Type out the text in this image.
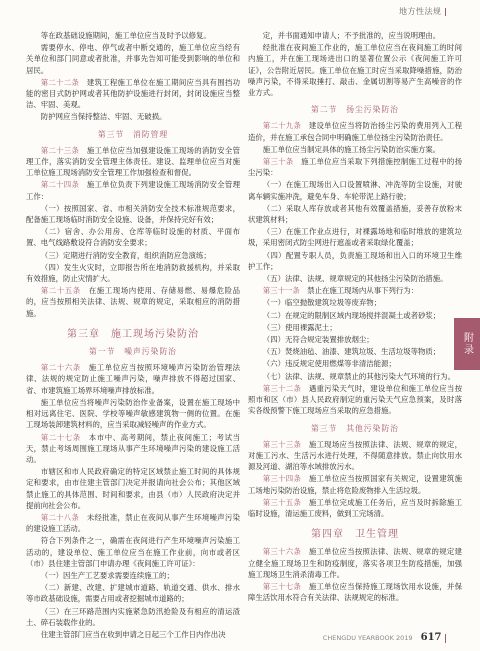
地方性法规

等在政基础设施期间，施工单位应当及时予以修复。

需要停水、停电、停气或者中断交通的，施工单位应当经有关单位和部门同意或者批准，并事先告知可能受到影响的单位和居民。

第二十二条　 建筑工程施工单位在施工期间应当具有围挡功能的密目式防护网或者其他防护设施进行封闭，封闭设施应当整洁、牢固、美观。

防护网应当保持整洁、牢固、无破损。

第三节　消防管理

第二十三条　 施工单位应当加强建设施工现场的消防安全管理工作，落实消防安全管理主体责任。建设、监理单位应当对施工单位施工现场消防安全管理工作加强检查和督促。

第二十四条　 施工单位负责下列建设施工现场消防安全管理工作：

（一）按照国家、省、市相关消防安全技术标准规范要求，配备施工现场临时消防安全设施、设备，并保持完好有效；

（二）宿舍、办公用房、仓库等临时设施的材质、平面布置、电气线路敷设符合消防安全要求；

（三）定期进行消防安全教育，组织消防应急演练；

（四）发生火灾时，立即报告所在地消防救援机构，并采取有效措施，防止灾情扩大。

第二十五条　 在施工现场内使用、存储易燃、易爆危险品的，应当按照相关法律、法规、规章的规定，采取相应的消防措施。

第三章　施工现场污染防治
第一节　噪声污染防治

第二十六条　 施工单位应当按照环境噪声污染防治管理法律、法规的规定防止施工噪声污染，噪声排放不得超过国家、省、市建筑施工场界环境噪声排放标准。

施工单位应当将噪声污染防治作业备案，设置在施工现场中相对远离住宅、医院、学校等噪声敏感建筑物一侧的位置。在施工现场装卸建筑材料的，应当采取减轻噪声的作业方式。

第二十七条　 本市中、高考期间，禁止夜间施工；考试当天，禁止考场周围施工现场从事产生环境噪声污染的建设施工活动。

市辖区和市人民政府确定的特定区域禁止施工时间的具体规定和要求，由市住建主管部门决定并报请向社会公布；其他区域禁止施工的具体范围、时间和要求，由县（市）人民政府决定并提前向社会公布。

第二十八条　 未经批准，禁止在夜间从事产生环境噪声污染的建设施工活动。

符合下列条件之一，确需在夜间进行产生环境噪声污染施工活动的，建设单位、施工单位应当在施工作业前，向市或者区（市）县住建主管部门申请办理《夜间施工许可证》：

（一）因生产工艺要求需要连续施工的；

（二）新建、改建、扩建城市道路、轨道交通、供水、排水等市政基础设施，需要占用或者挖掘城市道路的；

（三）在三环路范围内实施紧急防汛抢险及有相应的清运渣土、碎石装载作业的。

住建主管部门应当在收到申请之日起三个工作日内作出决

定，并书面通知申请人；不予批准的，应当说明理由。

经批准在夜间施工作业的，施工单位应当在夜间施工的时间内施工，并在施工现场进出口的显著位置公示《夜间施工许可证》，公告附近居民。施工单位在施工时应当采取降噪措施，防治噪声污染，不得采取捶打、敲击、金属切割等易产生高噪音的作业方式。

第二节　扬尘污染防治

第二十九条　 建设单位应当将防治扬尘污染的费用列入工程造价，并在施工承包合同中明确施工单位扬尘污染防治责任。

施工单位应当制定具体的施工扬尘污染防治实施方案。

第三十条　 施工单位应当采取下列措施控制施工过程中的扬尘污染：

（一）在施工现场出入口设置喷淋、冲洗等防尘设施，对驶离车辆实施冲洗，避免车身、车轮带泥上路行驶；

（二）采取人库存放或者其他有效覆盖措施，妥善存放粉末状建筑材料；

（三）在施工作业点进行，对裸露场地和临时堆放的建筑垃圾，采用密闭式防尘网进行遮盖或者采取绿化覆盖；

（四）配置专职人员，负责施工现场和出入口的环境卫生维护工作；

（五）法律、法规、规章规定的其他扬尘污染防治措施。

第三十一条　 禁止在施工现场内从事下列行为：

（一）临空抛散建筑垃圾等废弃物；

（二）在规定的限制区域内现场搅拌混凝土或者砂浆；

（三）使用裸露泥土；

（四）无符合规定装置排放烟尘；

（五）焚烧油毡、油漆、建筑垃圾、生活垃圾等物质；

（六）违反规定使用燃煤等非清洁能源；

（七）法律、法规、规章禁止的其他污染大气环境的行为。

第三十二条　 遇重污染天气时，建设单位和施工单位应当按照市和区（市）县人民政府制定的重污染天气应急预案，及时落实各级预警下施工现场应当采取的应急措施。

第三节　其他污染防治

第三十三条　 施工现场应当按照法律、法规、规章的规定，对施工污水、生活污水进行处理，不得随意排放。禁止向饮用水源及河道、湖泊等水域排放污水。

第三十四条　 施工单位应当按照国家有关规定，设置建筑施工场地污染防治设施，禁止将危险废物排入生活垃圾。

第三十五条　 施工单位完成施工任务后，应当及时拆除施工临时设施，清运施工废料，做到工完场清。

第四章　卫生管理

第三十六条　 施工单位应当按照法律、法规、规章的规定建立健全施工现场卫生和防疫制度，落实各项卫生防疫措施，加强施工现场卫生消杀清毒工作。

第三十七条　 施工单位应当保持施工现场饮用水设施，并保障生活饮用水符合有关法律、法规规定的标准。

附录
CHENGDU YEARBOOK 2019 617
